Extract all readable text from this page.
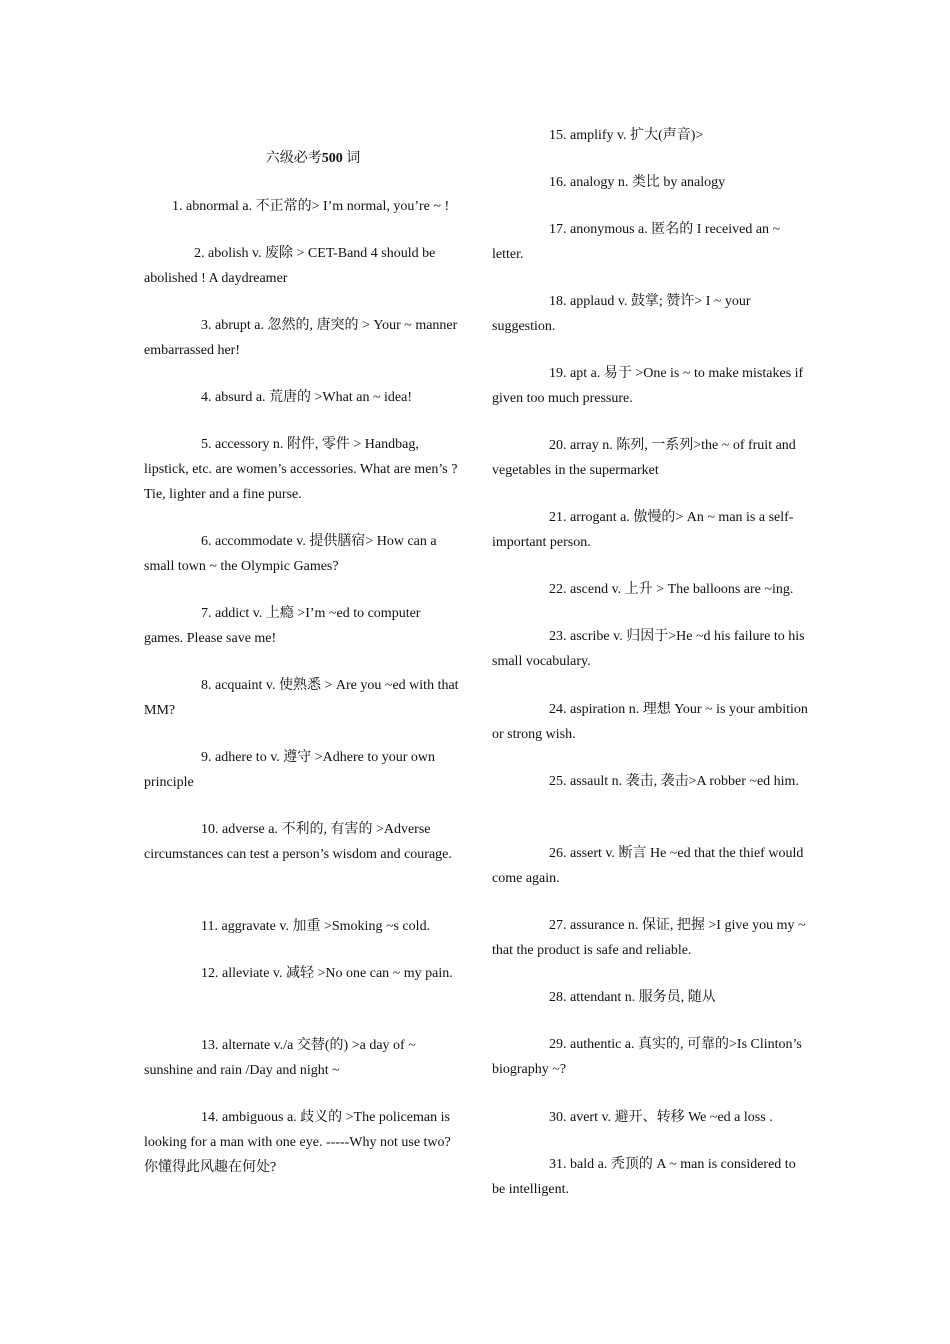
六级必考500 词

1. abnormal a. 不正常的> I’m normal, you’re ~ !

2. abolish v. 废除 > CET-Band 4 should be abolished ! A daydreamer

3. abrupt a. 忽然的, 唐突的 > Your ~ manner embarrassed her!

4. absurd a. 荒唐的 >What an ~ idea!

5. accessory n. 附件, 零件 > Handbag, lipstick, etc. are women’s accessories. What are men’s ? Tie, lighter and a fine purse.

6. accommodate v. 提供膳宿> How can a small town ~ the Olympic Games?

7. addict v. 上瘾 >I’m ~ed to computer games. Please save me!

8. acquaint v. 使熟悉 > Are you ~ed with that MM?

9. adhere to v. 遵守 >Adhere to your own principle

10. adverse a. 不利的, 有害的 >Adverse circumstances can test a person’s wisdom and courage.

11. aggravate v. 加重 >Smoking ~s cold.

12. alleviate v. 减轻 >No one can ~ my pain.

13. alternate v./a 交替(的) >a day of ~ sunshine and rain /Day and night ~

14. ambiguous a. 歧义的 >The policeman is looking for a man with one eye. -----Why not use two? 你懂得此风趣在何处?

15. amplify v. 扩大(声音)>

16. analogy n. 类比 by analogy

17. anonymous a. 匿名的 I received an ~ letter.

18. applaud v. 鼓掌; 赞许> I ~ your suggestion.

19. apt a. 易于 >One is ~ to make mistakes if given too much pressure.

20. array n. 陈列, 一系列>the ~ of fruit and vegetables in the supermarket

21. arrogant a. 傲慢的> An ~ man is a self-important person.

22. ascend v. 上升 > The balloons are ~ing.

23. ascribe v. 归因于>He ~d his failure to his small vocabulary.

24. aspiration n. 理想 Your ~ is your ambition or strong wish.

25. assault n. 袭击, 袭击>A robber ~ed him.

26. assert v. 断言 He ~ed that the thief would come again.

27. assurance n. 保证, 把握 >I give you my ~ that the product is safe and reliable.

28. attendant n. 服务员, 随从

29. authentic a. 真实的, 可靠的>Is Clinton’s biography ~?

30. avert v. 避开、转移 We ~ed a loss .

31. bald a. 秃顶的 A ~ man is considered to be intelligent.
